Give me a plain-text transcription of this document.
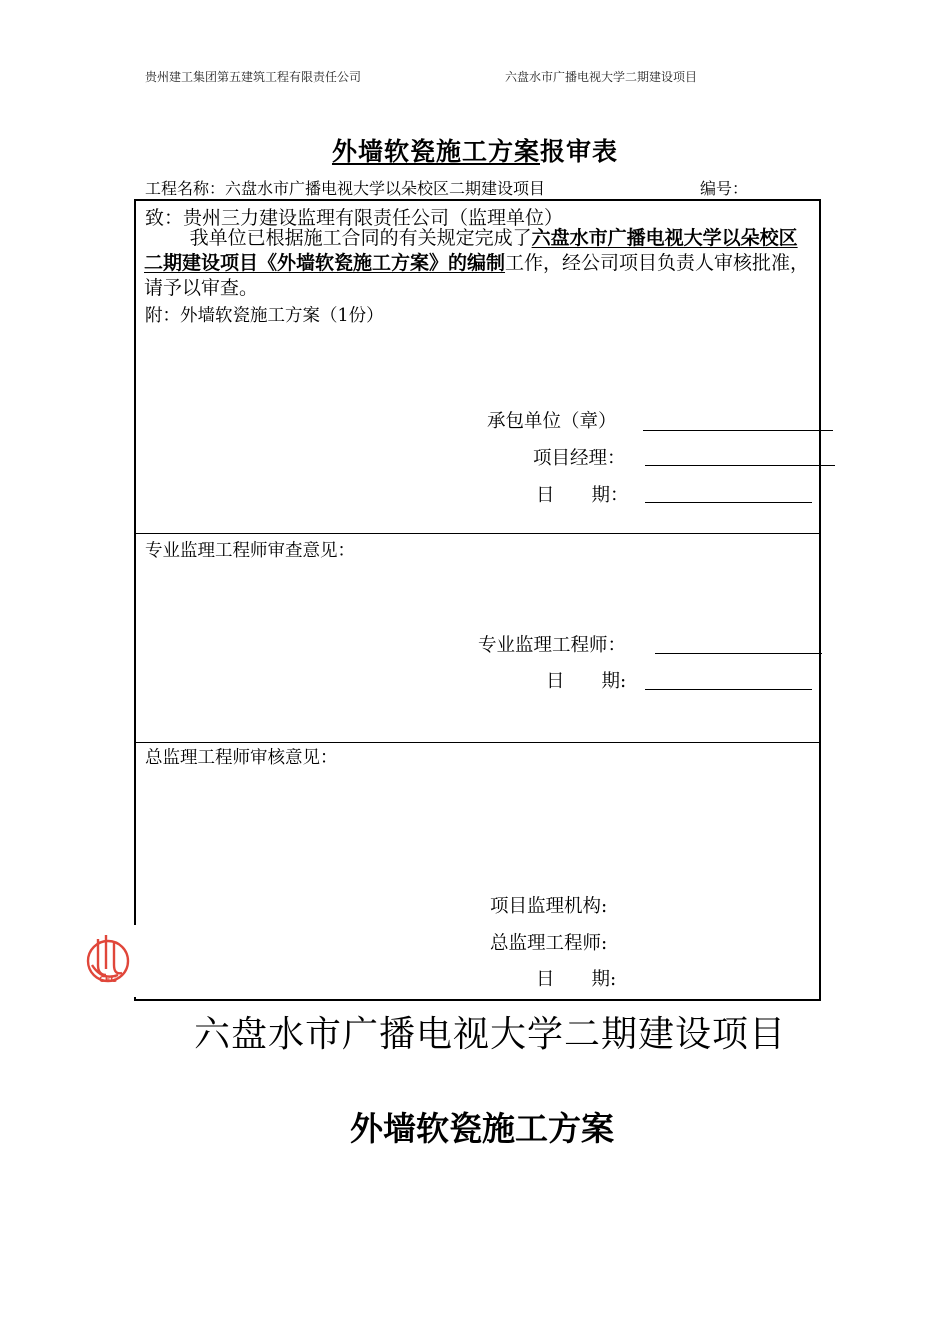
贵州建工集团第五建筑工程有限责任公司	六盘水市广播电视大学二期建设项目
外墙软瓷施工方案报审表
工程名称：六盘水市广播电视大学以朵校区二期建设项目	编号：
致：贵州三力建设监理有限责任公司（监理单位）
我单位已根据施工合同的有关规定完成了六盘水市广播电视大学以朵校区二期建设项目《外墙软瓷施工方案》的编制工作，经公司项目负责人审核批准，请予以审查。
附：外墙软瓷施工方案（1份）
承包单位（章）
项目经理：
日　　期：
专业监理工程师审查意见：
专业监理工程师：
日　　期:
总监理工程师审核意见：
项目监理机构:
总监理工程师:
日　　期:
CEG
六盘水市广播电视大学二期建设项目
外墙软瓷施工方案
